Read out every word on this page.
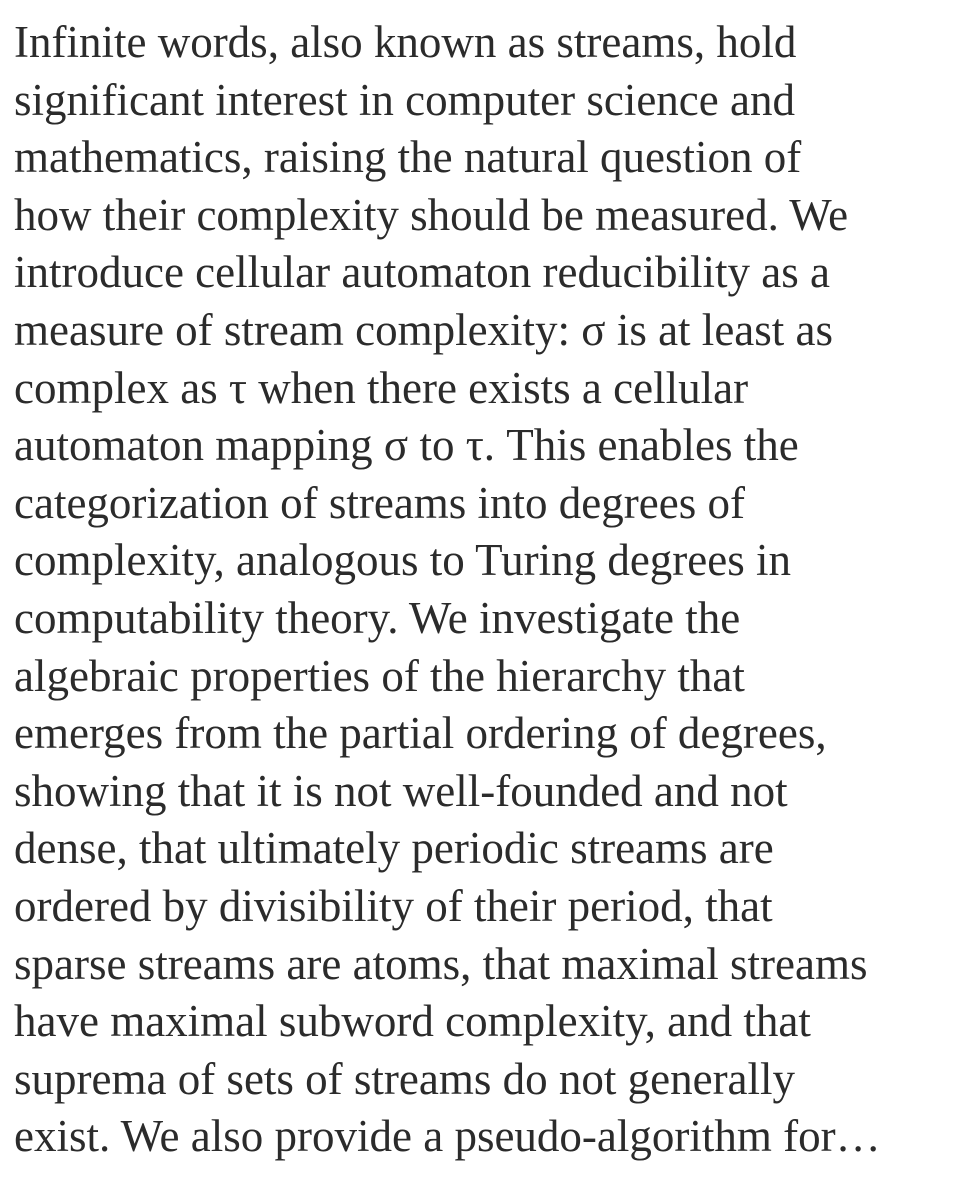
Infinite words, also known as streams, hold
significant interest in computer science and
mathematics, raising the natural question of
how their complexity should be measured. We
introduce cellular automaton reducibility as a
measure of stream complexity: σ is at least as
complex as τ when there exists a cellular
automaton mapping σ to τ. This enables the
categorization of streams into degrees of
complexity, analogous to Turing degrees in
computability theory. We investigate the
algebraic properties of the hierarchy that
emerges from the partial ordering of degrees,
showing that it is not well-founded and not
dense, that ultimately periodic streams are
ordered by divisibility of their period, that
sparse streams are atoms, that maximal streams
have maximal subword complexity, and that
suprema of sets of streams do not generally
exist. We also provide a pseudo-algorithm for…
